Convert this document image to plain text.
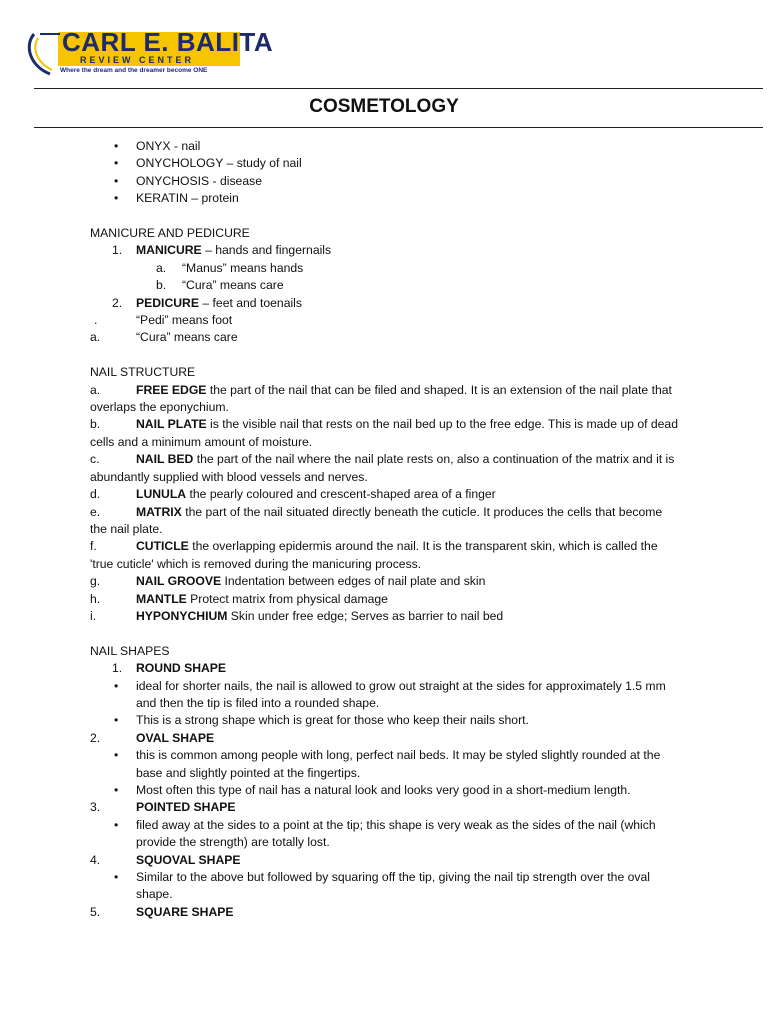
CARL E. BALITA
REVIEW CENTER
Where the dream and the dreamer become ONE
COSMETOLOGY
•	ONYX - nail
•	ONYCHOLOGY – study of nail
•	ONYCHOSIS - disease
•	KERATIN – protein
MANICURE AND PEDICURE
1.	MANICURE – hands and fingernails
a.	“Manus” means hands
b.	“Cura” means care
2.	PEDICURE – feet and toenails
.	“Pedi” means foot
a.	“Cura” means care
NAIL STRUCTURE
a.	FREE EDGE the part of the nail that can be filed and shaped. It is an extension of the nail plate that overlaps the eponychium.
b.	NAIL PLATE is the visible nail that rests on the nail bed up to the free edge. This is made up of dead cells and a minimum amount of moisture.
c.	NAIL BED the part of the nail where the nail plate rests on, also a continuation of the matrix and it is abundantly supplied with blood vessels and nerves.
d.	LUNULA the pearly coloured and crescent-shaped area of a finger
e.	MATRIX the part of the nail situated directly beneath the cuticle. It produces the cells that become the nail plate.
f.	CUTICLE the overlapping epidermis around the nail. It is the transparent skin, which is called the 'true cuticle' which is removed during the manicuring process.
g.	NAIL GROOVE Indentation between edges of nail plate and skin
h.	MANTLE Protect matrix from physical damage
i.	HYPONYCHIUM Skin under free edge; Serves as barrier to nail bed
NAIL SHAPES
1.	ROUND SHAPE
•	ideal for shorter nails, the nail is allowed to grow out straight at the sides for approximately 1.5 mm and then the tip is filed into a rounded shape.
•	This is a strong shape which is great for those who keep their nails short.
2.	OVAL SHAPE
•	this is common among people with long, perfect nail beds. It may be styled slightly rounded at the base and slightly pointed at the fingertips.
•	Most often this type of nail has a natural look and looks very good in a short-medium length.
3.	POINTED SHAPE
•	filed away at the sides to a point at the tip; this shape is very weak as the sides of the nail (which provide the strength) are totally lost.
4.	SQUOVAL SHAPE
•	Similar to the above but followed by squaring off the tip, giving the nail tip strength over the oval shape.
5.	SQUARE SHAPE
